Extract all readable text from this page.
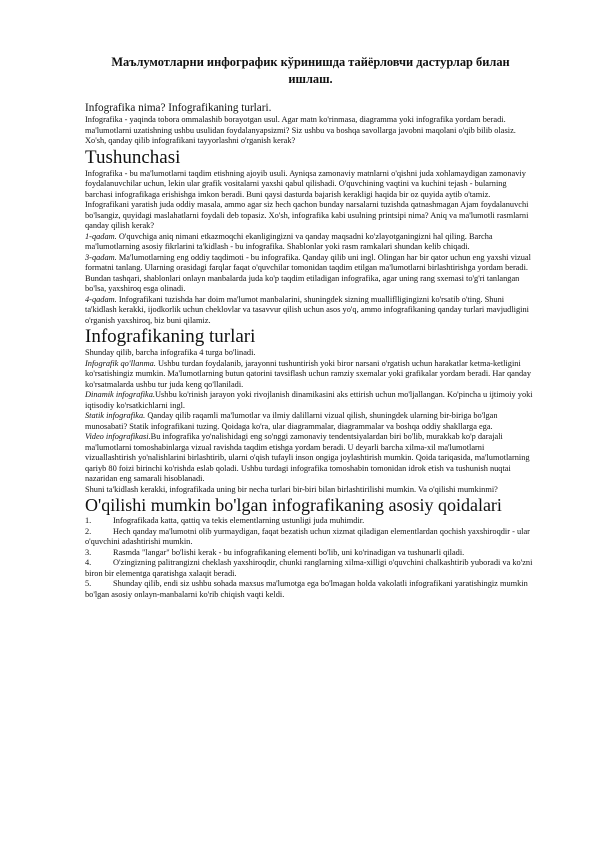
Маълумотларни инфографик кўринишда тайёрловчи дастурлар билан ишлаш.
Infografika nima? Infografikaning turlari.

Infografika - yaqinda tobora ommalashib borayotgan usul. Agar matn ko'rinmasa, diagramma yoki infografika yordam beradi. ma'lumotlarni uzatishning ushbu usulidan foydalanyapsizmi? Siz ushbu va boshqa savollarga javobni maqolani o'qib bilib olasiz. Xo'sh, qanday qilib infografikani tayyorlashni o'rganish kerak?

Tushunchasi

Infografika - bu ma'lumotlarni taqdim etishning ajoyib usuli. Ayniqsa zamonaviy matnlarni o'qishni juda xohlamaydigan zamonaviy foydalanuvchilar uchun, lekin ular grafik vositalarni yaxshi qabul qilishadi. O'quvchining vaqtini va kuchini tejash - bularning barchasi infografikaga erishishga imkon beradi. Buni qaysi dasturda bajarish kerakligi haqida bir oz quyida aytib o'tamiz.

Infografikani yaratish juda oddiy masala, ammo agar siz hech qachon bunday narsalarni tuzishda qatnashmagan Ajam foydalanuvchi bo'lsangiz, quyidagi maslahatlarni foydali deb topasiz. Xo'sh, infografika kabi usulning printsipi nima? Aniq va ma'lumotli rasmlarni qanday qilish kerak?

1-qadam. O'quvchiga aniq nimani etkazmoqchi ekanligingizni va qanday maqsadni ko'zlayotganingizni hal qiling. Barcha ma'lumotlarning asosiy fikrlarini ta'kidlash - bu infografika. Shablonlar yoki rasm ramkalari shundan kelib chiqadi.

3-qadam. Ma'lumotlarning eng oddiy taqdimoti - bu infografika. Qanday qilib uni ingl. Olingan har bir qator uchun eng yaxshi vizual formatni tanlang. Ularning orasidagi farqlar faqat o'quvchilar tomonidan taqdim etilgan ma'lumotlarni birlashtirishga yordam beradi. Bundan tashqari, shablonlari onlayn manbalarda juda ko'p taqdim etiladigan infografika, agar uning rang sxemasi to'g'ri tanlangan bo'lsa, yaxshiroq esga olinadi.

4-qadam. Infografikani tuzishda har doim ma'lumot manbalarini, shuningdek sizning mualliflligingizni ko'rsatib o'ting. Shuni ta'kidlash kerakki, ijodkorlik uchun cheklovlar va tasavvur qilish uchun asos yo'q, ammo infografikaning qanday turlari mavjudligini o'rganish yaxshiroq, biz buni qilamiz.

Infografikaning turlari

Shunday qilib, barcha infografika 4 turga bo'linadi.

Infografik qo'llanma. Ushbu turdan foydalanib, jarayonni tushuntirish yoki biror narsani o'rgatish uchun harakatlar ketma-ketligini ko'rsatishingiz mumkin. Ma'lumotlarning butun qatorini tavsiflash uchun ramziy sxemalar yoki grafikalar yordam beradi. Har qanday ko'rsatmalarda ushbu tur juda keng qo'llaniladi.

Dinamik infografika.Ushbu ko'rinish jarayon yoki rivojlanish dinamikasini aks ettirish uchun mo'ljallangan. Ko'pincha u ijtimoiy yoki iqtisodiy ko'rsatkichlarni ingl.

Statik infografika. Qanday qilib raqamli ma'lumotlar va ilmiy dalillarni vizual qilish, shuningdek ularning bir-biriga bo'lgan munosabati? Statik infografikani tuzing. Qoidaga ko'ra, ular diagrammalar, diagrammalar va boshqa oddiy shakllarga ega.

Video infografikasi.Bu infografika yo'nalishidagi eng so'nggi zamonaviy tendentsiyalardan biri bo'lib, murakkab ko'p darajali ma'lumotlarni tomoshabinlarga vizual ravishda taqdim etishga yordam beradi. U deyarli barcha xilma-xil ma'lumotlarni vizuallashtirish yo'nalishlarini birlashtirib, ularni o'qish tufayli inson ongiga joylashtirish mumkin. Qoida tariqasida, ma'lumotlarning qariyb 80 foizi birinchi ko'rishda eslab qoladi. Ushbu turdagi infografika tomoshabin tomonidan idrok etish va tushunish nuqtai nazaridan eng samarali hisoblanadi.

Shuni ta'kidlash kerakki, infografikada uning bir necha turlari bir-biri bilan birlashtirilishi mumkin. Va o'qilishi mumkinmi?

O'qilishi mumkin bo'lgan infografikaning asosiy qoidalari

1.	Infografikada katta, qattiq va tekis elementlarning ustunligi juda muhimdir.

2.	Hech qanday ma'lumotni olib yurmaydigan, faqat bezatish uchun xizmat qiladigan elementlardan qochish yaxshiroqdir - ular o'quvchini adashtirishi mumkin.

3.	Rasmda "langar" bo'lishi kerak - bu infografikaning elementi bo'lib, uni ko'rinadigan va tushunarli qiladi.

4.	O'zingizning palitrangizni cheklash yaxshiroqdir, chunki ranglarning xilma-xilligi o'quvchini chalkashtirib yuboradi va ko'zni biron bir elementga qaratishga xalaqit beradi.

5.	Shunday qilib, endi siz ushbu sohada maxsus ma'lumotga ega bo'lmagan holda vakolatli infografikani yaratishingiz mumkin bo'lgan asosiy onlayn-manbalarni ko'rib chiqish vaqti keldi.
